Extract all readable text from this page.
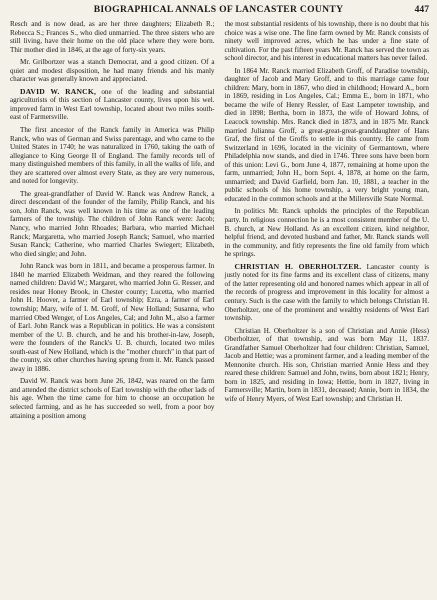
BIOGRAPHICAL ANNALS OF LANCASTER COUNTY	447

Resch and is now dead, as are her three daughters; Elizabeth R.; Rebecca S.; Frances S., who died unmarried. The three sisters who are still living, have their home on the old place where they were born. Thir mother died in 1846, at the age of forty-six years.

Mr. Grilbortzer was a stanch Democrat, and a good citizen. Of a quiet and modest disposition, he had many friends and his manly character was generally known and appreciated.

DAVID W. RANCK, one of the leading and substantial agriculturists of this section of Lancaster county, lives upon his wel. improved farm in West Earl township, located about two miles south-east of Farmersville.

The first ancestor of the Ranck family in America was Philip Ranck, who was of German and Swiss parentage, and who came to the United States in 1740; he was naturalized in 1760, taking the oath of allegiance to King George II of England. The family records tell of many distinguished members of this family, in all the walks of life, and they are scattered over almost every State, as they are very numerous, and noted for longevity.

The great-grandfather of David W. Ranck was Andrew Ranck, a direct descendant of the founder of the family, Philip Ranck, and his son, John Ranck, was well known in his time as one of the leading farmers of the township. The children of John Ranck were: Jacob; Nancy, who married John Rhoades; Barbara, who married Michael Ranck; Margaretta, who married Joseph Ranck; Samuel, who married Susan Ranck; Catherine, who married Charles Swiegert; Elizabeth, who died single; and John.

John Ranck was born in 1811, and became a prosperous farmer. In 1840 he married Elizabeth Weidman, and they reared the following named children: David W.; Margaret, who married John G. Resser, and resides near Honey Brook, in Chester county; Lucetta, who married John H. Hoover, a farmer of Earl township; Ezra, a farmer of Earl township; Mary, wife of I. M. Groff, of New Holland; Susanna, who married Obed Wenger, of Los Angeles, Cal; and John M., also a farmer of Earl. John Ranck was a Republican in politics. He was a consistent member of the U. B. church, and he and his brother-in-law, Joseph, were the founders of the Ranck's U. B. church, located two miles south-east of New Holland, which is the "mother church" in that part of the county, six other churches having sprung from it. Mr. Ranck passed away in 1886.

David W. Ranck was born June 26, 1842, was reared on the farm and attended the district schools of Earl township with the other lads of his age. When the time came for him to choose an occupation he selected farming, and as he has succeeded so well, from a poor boy attaining a position among

the most substantial residents of his township, there is no doubt that his choice was a wise one. The fine farm owned by Mr. Ranck consists of ninety well improved acres, which he has under a fine state of cultivation. For the past fifteen years Mr. Ranck has served the town as school director, and his interest in educational matters has never failed.

In 1864 Mr. Ranck married Elizabeth Groff, of Paradise township, daughter of Jacob and Mary Groff, and to this marriage came four children: Mary, born in 1867, who died in childhood; Howard A., born in 1869, residing in Los Angeles, Cal.; Emma E., born in 1871, who became the wife of Henry Ressler, of East Lampeter township, and died in 1898; Bertha, born in 1873, the wife of Howard Johns, of Leacock township. Mrs. Ranck died in 1873, and in 1875 Mr. Ranck married Julianna Groff, a great-great-great-granddaughter of Hans Graf, the first of the Groffs to settle in this country. He came from Switzerland in 1696, located in the vicinity of Germantown, where Philadelphia now stands, and died in 1746. Three sons have been born of this union: Levi G., born June 4, 1877, remaining at home upon the farm, unmarried; John H., born Sept. 4, 1878, at home on the farm, unmarried; and David Garfield, born Jan. 10, 1881, a teacher in the public schools of his home township, a very bright young man, educated in the common schools and at the Millersville State Normal.

In politics Mr. Ranck upholds the principles of the Republican party. In religious connection he is a most consistent member of the U. B. church, at New Holland. As an excellent citizen, kind neighbor, helpful friend, and devoted husband and father, Mr. Ranck stands well in the community, and fitly represents the fine old family from which he springs.

CHRISTIAN H. OBERHOLTZER. Lancaster county is justly noted for its fine farms and its excellent class of citizens, many of the latter representing old and honored names which appear in all of the records of progress and improvement in this locality for almost a century. Such is the case with the family to which belongs Christian H. Oberholtzer, one of the prominent and wealthy residents of West Earl township.

Christian H. Oberholtzer is a son of Christian and Annie (Hess) Oberholtzer, of that township, and was born May 11, 1837. Grandfather Samuel Oberholtzer had four children: Christian, Samuel, Jacob and Hettie; was a prominent farmer, and a leading member of the Mennonite church. His son, Christian married Annie Hess and they reared these children: Samuel and John, twins, born about 1821; Henry, born in 1825, and residing in Iowa; Hettie, born in 1827, living in Farmersville; Martin, born in 1831, deceased; Annie, born in 1834, the wife of Henry Myers, of West Earl township; and Christian H.
